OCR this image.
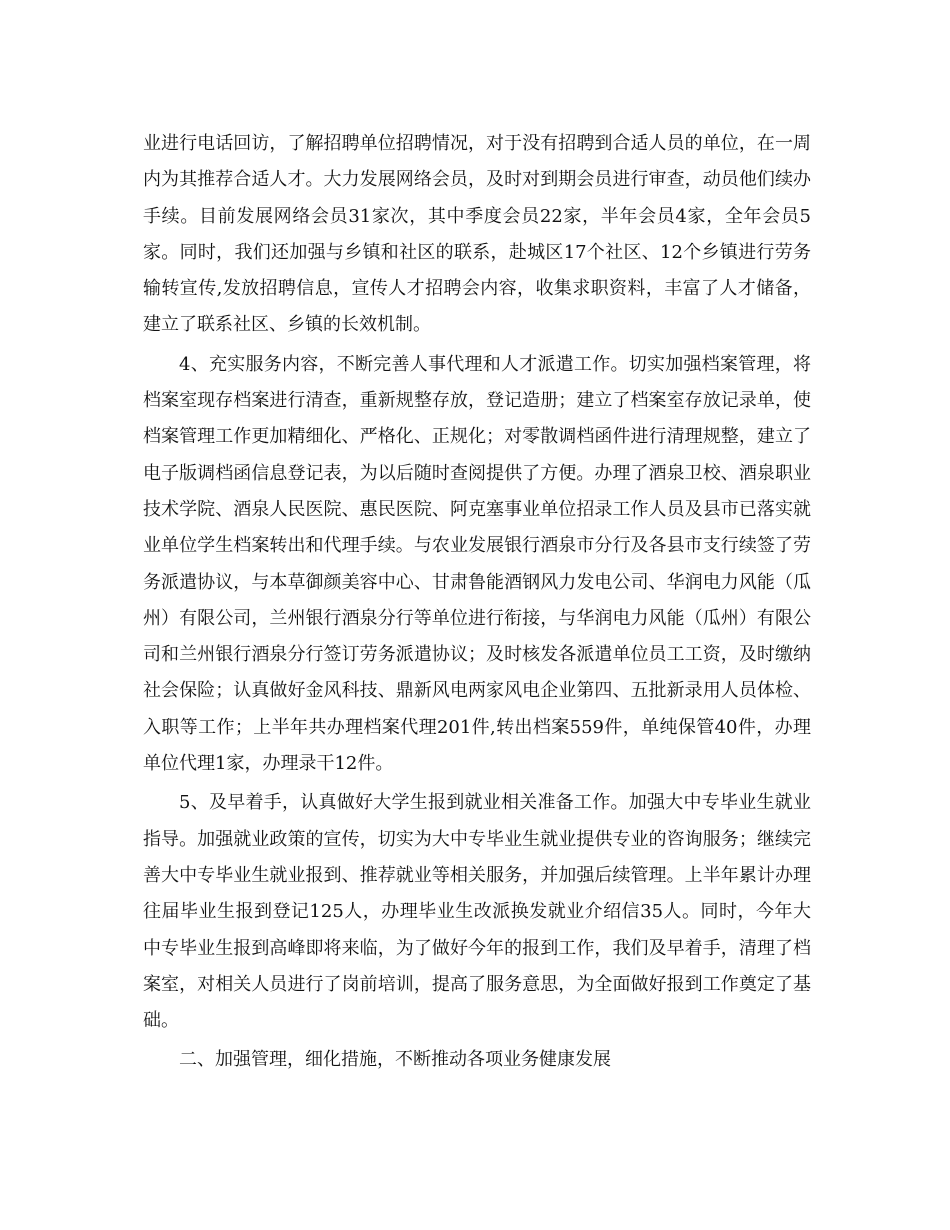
业进行电话回访，了解招聘单位招聘情况，对于没有招聘到合适人员的单位，在一周内为其推荐合适人才。大力发展网络会员，及时对到期会员进行审查，动员他们续办手续。目前发展网络会员31家次，其中季度会员22家，半年会员4家，全年会员5家。同时，我们还加强与乡镇和社区的联系，赴城区17个社区、12个乡镇进行劳务输转宣传,发放招聘信息，宣传人才招聘会内容，收集求职资料，丰富了人才储备，建立了联系社区、乡镇的长效机制。

4、充实服务内容，不断完善人事代理和人才派遣工作。切实加强档案管理，将档案室现存档案进行清查，重新规整存放，登记造册；建立了档案室存放记录单，使档案管理工作更加精细化、严格化、正规化；对零散调档函件进行清理规整，建立了电子版调档函信息登记表，为以后随时查阅提供了方便。办理了酒泉卫校、酒泉职业技术学院、酒泉人民医院、惠民医院、阿克塞事业单位招录工作人员及县市已落实就业单位学生档案转出和代理手续。与农业发展银行酒泉市分行及各县市支行续签了劳务派遣协议，与本草御颜美容中心、甘肃鲁能酒钢风力发电公司、华润电力风能（瓜州）有限公司，兰州银行酒泉分行等单位进行衔接，与华润电力风能（瓜州）有限公司和兰州银行酒泉分行签订劳务派遣协议；及时核发各派遣单位员工工资，及时缴纳社会保险；认真做好金风科技、鼎新风电两家风电企业第四、五批新录用人员体检、入职等工作；上半年共办理档案代理201件,转出档案559件，单纯保管40件，办理单位代理1家，办理录干12件。

5、及早着手，认真做好大学生报到就业相关准备工作。加强大中专毕业生就业指导。加强就业政策的宣传，切实为大中专毕业生就业提供专业的咨询服务；继续完善大中专毕业生就业报到、推荐就业等相关服务，并加强后续管理。上半年累计办理往届毕业生报到登记125人，办理毕业生改派换发就业介绍信35人。同时，今年大中专毕业生报到高峰即将来临，为了做好今年的报到工作，我们及早着手，清理了档案室，对相关人员进行了岗前培训，提高了服务意思，为全面做好报到工作奠定了基础。

二、加强管理，细化措施，不断推动各项业务健康发展
